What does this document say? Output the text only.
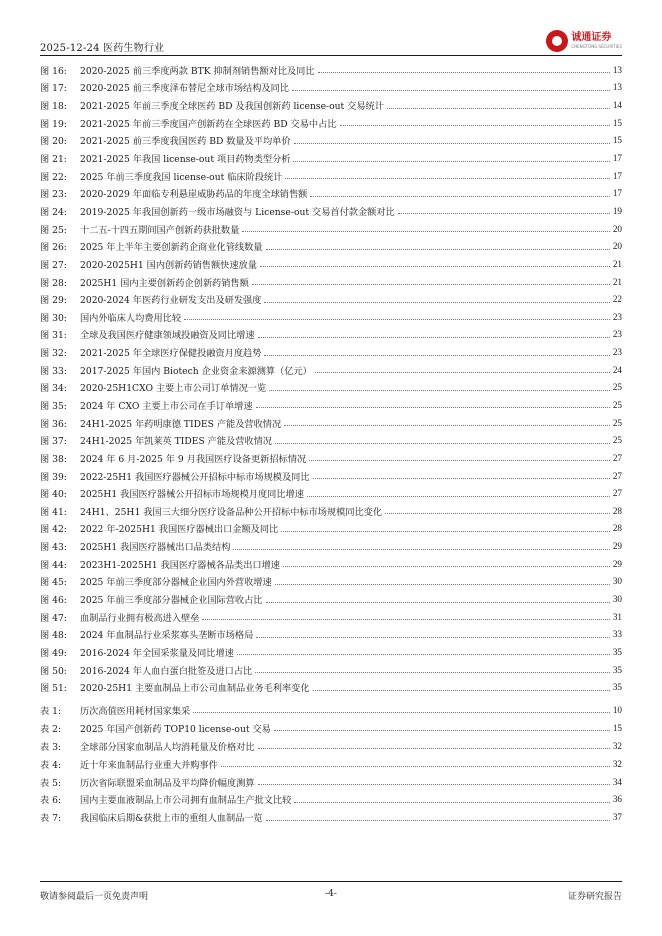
2025-12-24 医药生物行业
诚通证券
CHENGTONG SECURITIES
图 16:	2020-2025 前三季度两款 BTK 抑制剂销售额对比及同比	13
图 17:	2020-2025 前三季度泽布替尼全球市场结构及同比	13
图 18:	2021-2025 年前三季度全球医药 BD 及我国创新药 license-out 交易统计	14
图 19:	2021-2025 年前三季度国产创新药在全球医药 BD 交易中占比	15
图 20:	2021-2025 前三季度我国医药 BD 数量及平均单价	15
图 21:	2021-2025 年我国 license-out 项目药物类型分析	17
图 22:	2025 年前三季度我国 license-out 临床阶段统计	17
图 23:	2020-2029 年面临专利悬崖威胁药品的年度全球销售额	17
图 24:	2019-2025 年我国创新药一级市场融资与 License-out 交易首付款金额对比	19
图 25:	十二五-十四五期间国产创新药获批数量	20
图 26:	2025 年上半年主要创新药企商业化管线数量	20
图 27:	2020-2025H1 国内创新药销售额快速放量	21
图 28:	2025H1 国内主要创新药企创新药销售额	21
图 29:	2020-2024 年医药行业研发支出及研发强度	22
图 30:	国内外临床人均费用比较	23
图 31:	全球及我国医疗健康领域投融资及同比增速	23
图 32:	2021-2025 年全球医疗保健投融资月度趋势	23
图 33:	2017-2025 年国内 Biotech 企业资金来源测算（亿元）	24
图 34:	2020-25H1CXO 主要上市公司订单情况一览	25
图 35:	2024 年 CXO 主要上市公司在手订单增速	25
图 36:	24H1-2025 年药明康德 TIDES 产能及营收情况	25
图 37:	24H1-2025 年凯莱英 TIDES 产能及营收情况	25
图 38:	2024 年 6 月-2025 年 9 月我国医疗设备更新招标情况	27
图 39:	2022-25H1 我国医疗器械公开招标中标市场规模及同比	27
图 40:	2025H1 我国医疗器械公开招标市场规模月度同比增速	27
图 41:	24H1、25H1 我国三大细分医疗设备品种公开招标中标市场规模同比变化	28
图 42:	2022 年-2025H1 我国医疗器械出口金额及同比	28
图 43:	2025H1 我国医疗器械出口品类结构	29
图 44:	2023H1-2025H1 我国医疗器械各品类出口增速	29
图 45:	2025 年前三季度部分器械企业国内外营收增速	30
图 46:	2025 年前三季度部分器械企业国际营收占比	30
图 47:	血制品行业拥有极高进入壁垒	31
图 48:	2024 年血制品行业采浆寡头垄断市场格局	33
图 49:	2016-2024 年全国采浆量及同比增速	35
图 50:	2016-2024 年人血白蛋白批签及进口占比	35
图 51:	2020-25H1 主要血制品上市公司血制品业务毛利率变化	35
表 1:	历次高值医用耗材国家集采	10
表 2:	2025 年国产创新药 TOP10 license-out 交易	15
表 3:	全球部分国家血制品人均消耗量及价格对比	32
表 4:	近十年来血制品行业重大并购事件	32
表 5:	历次省际联盟采血制品及平均降价幅度测算	34
表 6:	国内主要血液制品上市公司拥有血制品生产批文比较	36
表 7:	我国临床后期&获批上市的重组人血制品一览	37
敬请参阅最后一页免责声明	-4-	证券研究报告
